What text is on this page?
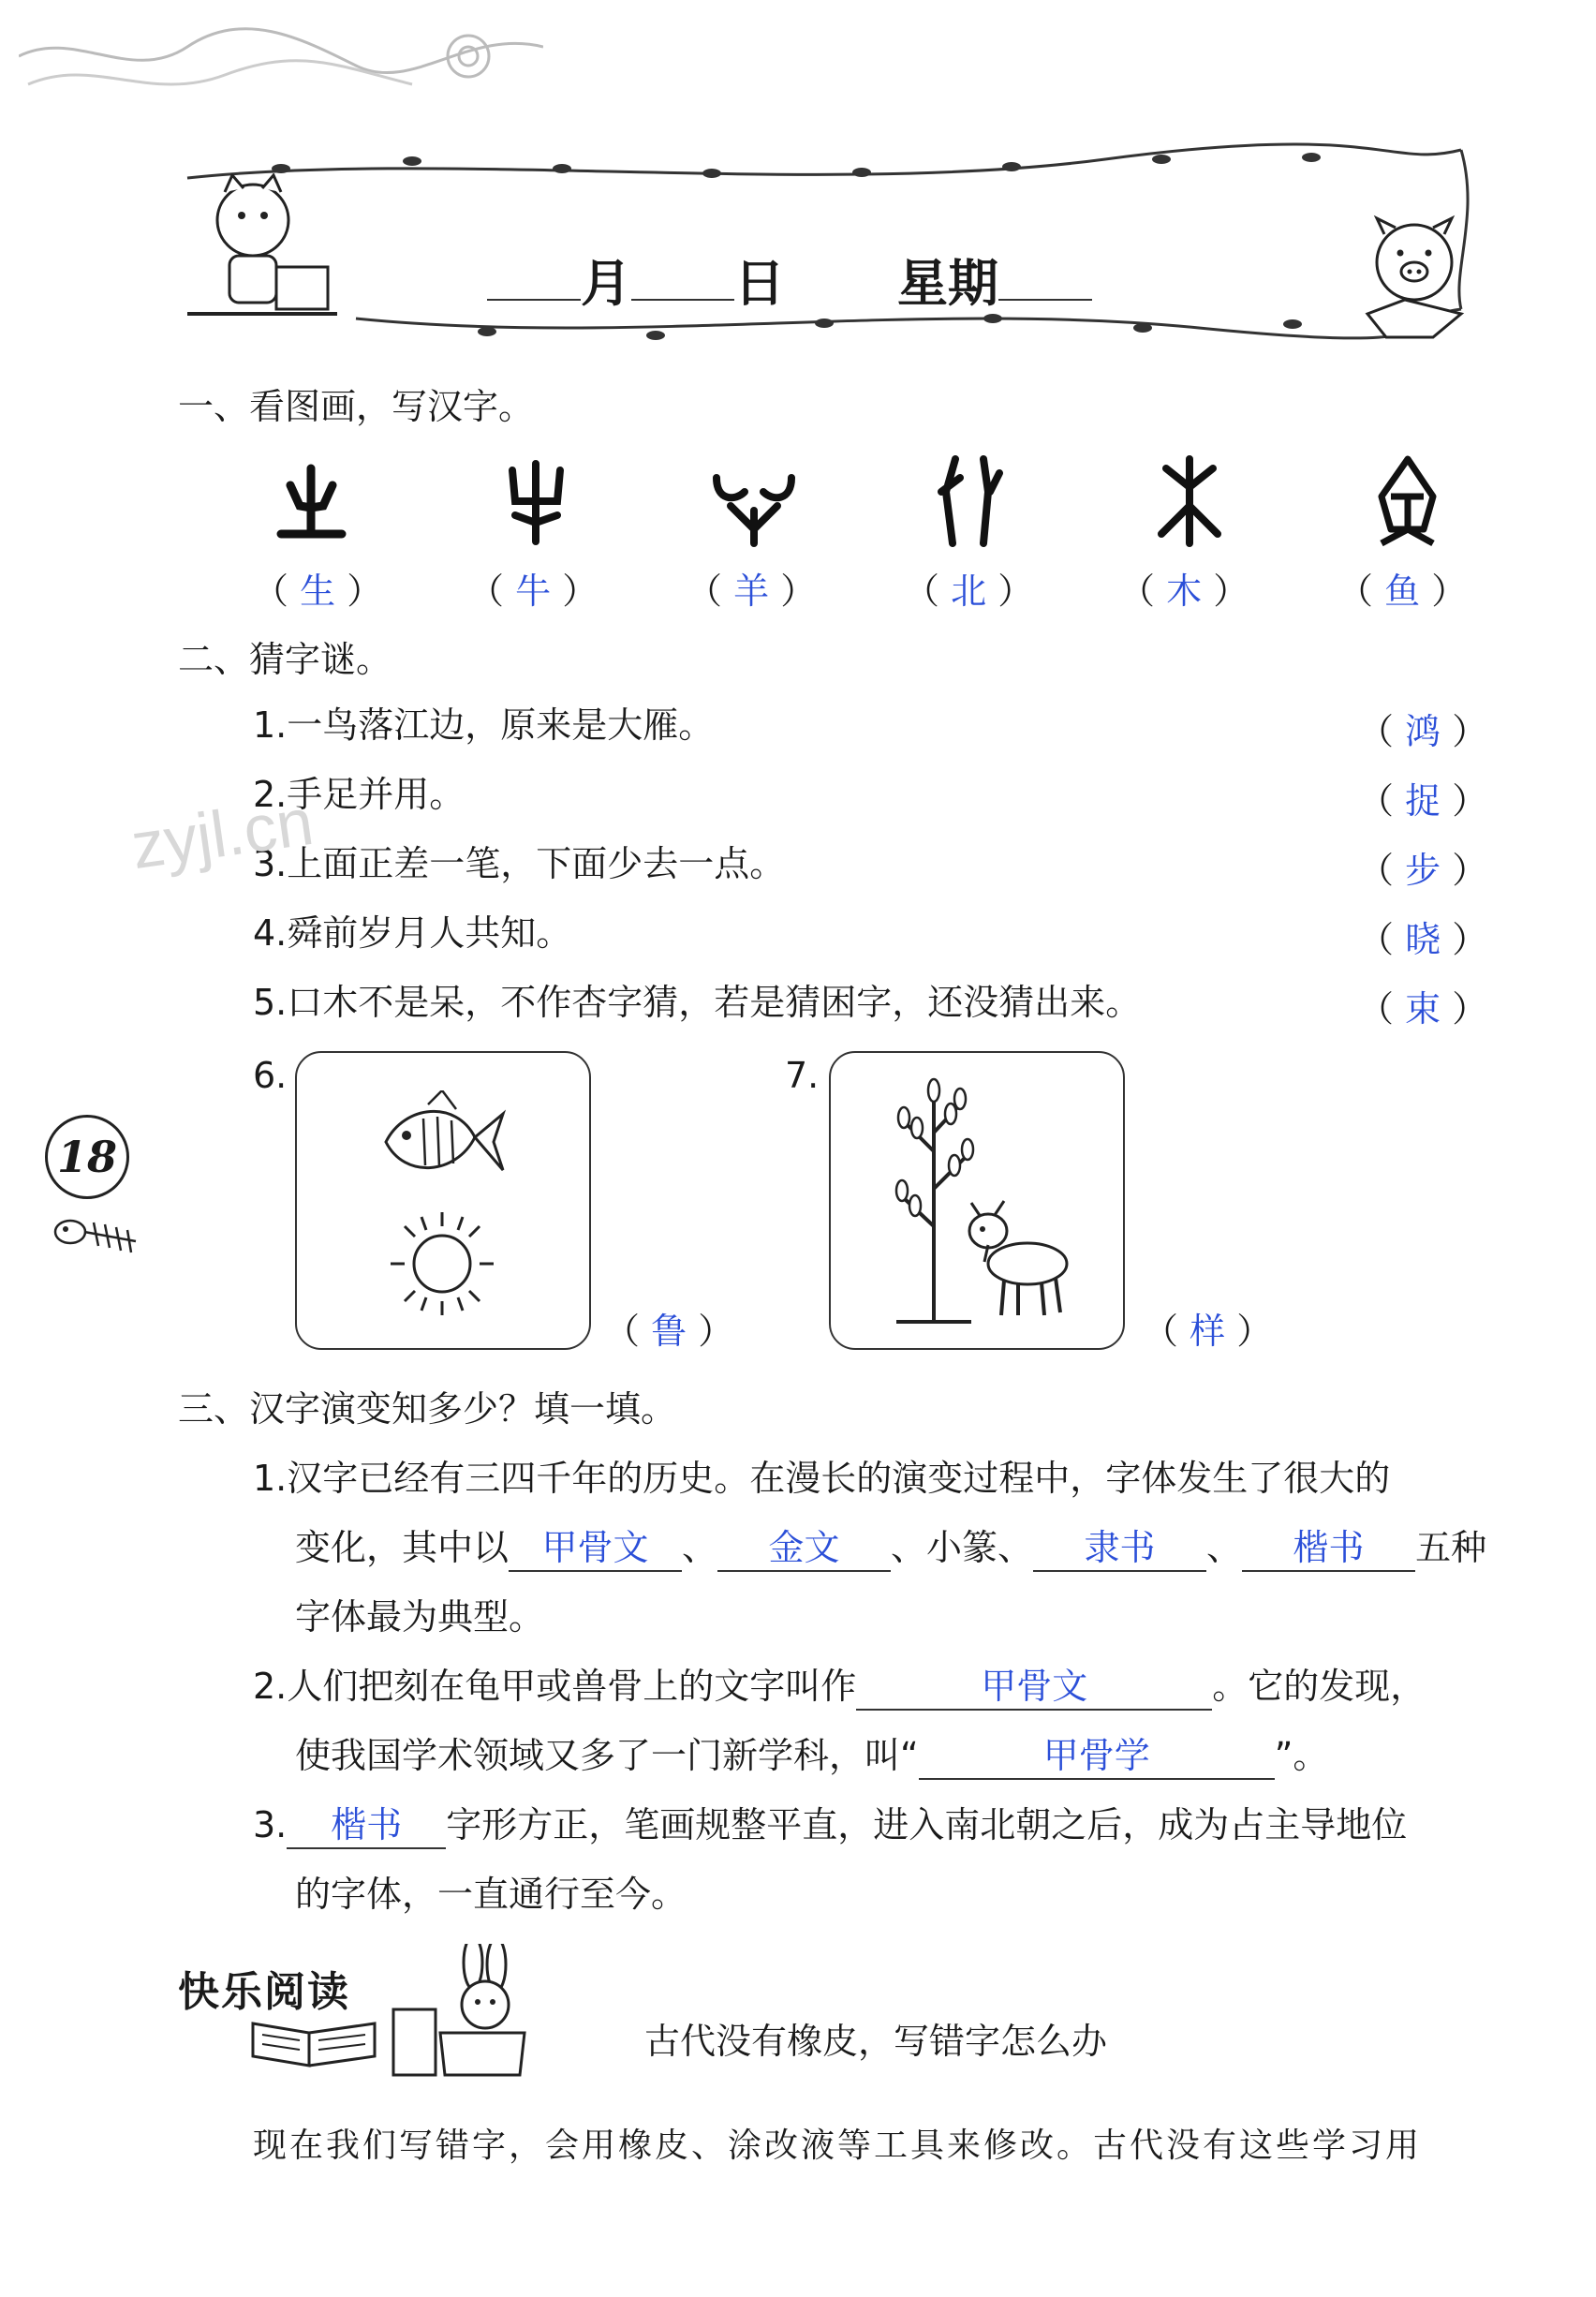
月 日 星期
一、看图画，写汉字。
（ 生 ） （ 牛 ） （ 羊 ） （ 北 ） （ 木 ） （ 鱼 ）
二、猜字谜。
1.一鸟落江边，原来是大雁。	（ 鸿 ）
2.手足并用。	（ 捉 ）
3.上面正差一笔，下面少去一点。	（ 步 ）
4.舜前岁月人共知。	（ 晓 ）
5.口木不是呆，不作杏字猜，若是猜困字，还没猜出来。	（ 束 ）
zyjl.cn
6.
（ 鲁 ）
7.
（ 样 ）
18
三、汉字演变知多少？填一填。
1.汉字已经有三四千年的历史。在漫长的演变过程中，字体发生了很大的
变化，其中以 甲骨文 、 金文 、小篆、 隶书 、 楷书 五种
字体最为典型。
2.人们把刻在龟甲或兽骨上的文字叫作	甲骨文	。它的发现，
使我国学术领域又多了一门新学科，叫“	甲骨学	”。
3. 楷书 字形方正，笔画规整平直，进入南北朝之后，成为占主导地位
的字体，一直通行至今。
快乐阅读
古代没有橡皮，写错字怎么办
现在我们写错字，会用橡皮、涂改液等工具来修改。古代没有这些学习用
